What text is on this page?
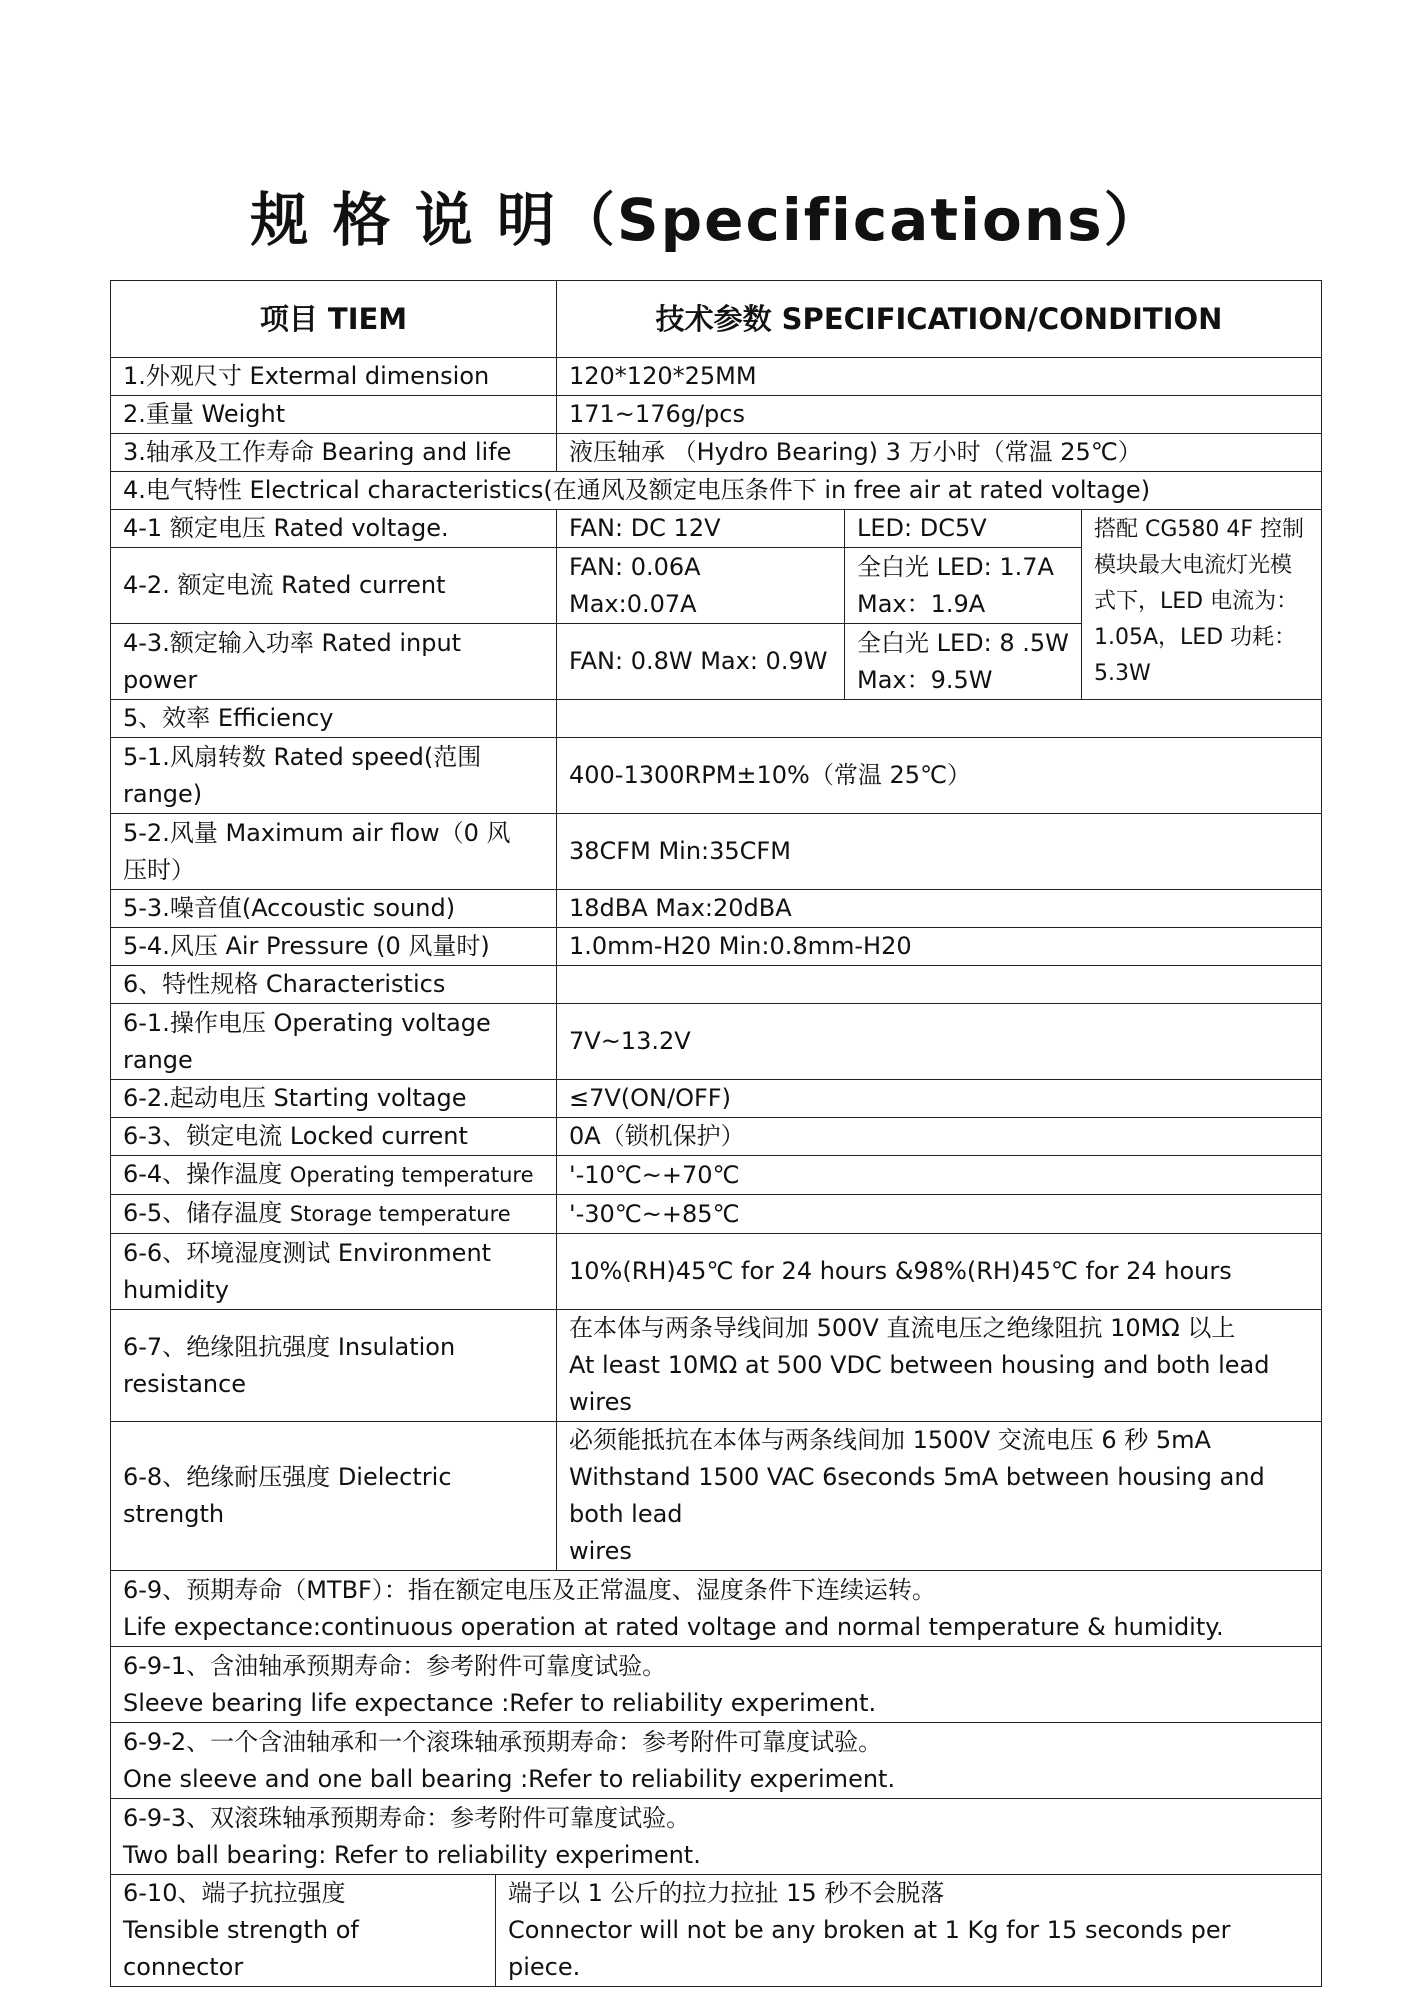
规 格 说 明（Specifications）
项目 TIEM		技术参数 SPECIFICATION/CONDITION		
1.外观尺寸 Extermal dimension		120*120*25MM		
2.重量 Weight		171~176g/pcs		
3.轴承及工作寿命 Bearing and life		液压轴承 （Hydro Bearing) 3 万小时（常温 25℃）		
4.电气特性 Electrical characteristics(在通风及额定电压条件下 in free air at rated voltage)				
4-1 额定电压 Rated voltage.		FAN: DC 12V	LED: DC5V	搭配 CG580 4F 控制模块最大电流灯光模式下，LED 电流为：1.05A，LED 功耗：5.3W
4-2. 额定电流 Rated current		FAN: 0.06A Max:0.07A	全白光 LED: 1.7A
Max：1.9A	

4-3.额定输入功率 Rated input
power		FAN: 0.8W Max: 0.9W	全白光 LED: 8 .5W
Max：9.5W	

5、效率 Efficiency				

5-1.风扇转数 Rated speed(范围
range)		400-1300RPM±10%（常温 25℃）		

5-2.风量 Maximum air flow（0 风
压时）		38CFM Min:35CFM		
5-3.噪音值(Accoustic sound)		18dBA Max:20dBA		
5-4.风压 Air Pressure (0 风量时)		1.0mm-H20 Min:0.8mm-H20		
6、特性规格 Characteristics				

6-1.操作电压 Operating voltage
range		7V~13.2V		
6-2.起动电压 Starting voltage		≤7V(ON/OFF)		
6-3、锁定电流 Locked current		0A（锁机保护）		
6-4、操作温度 Operating temperature		'-10℃~+70℃		
6-5、储存温度 Storage temperature		'-30℃~+85℃		

6-6、环境湿度测试 Environment
humidity		10%(RH)45℃ for 24 hours &98%(RH)45℃ for 24 hours		

6-7、绝缘阻抗强度 Insulation
resistance		在本体与两条导线间加 500V 直流电压之绝缘阻抗 10MΩ 以上
At least 10MΩ at 500 VDC between housing and both lead wires		

6-8、绝缘耐压强度 Dielectric
strength		必须能抵抗在本体与两条线间加 1500V 交流电压 6 秒 5mA
Withstand 1500 VAC 6seconds 5mA between housing and both lead
wires		

6-9、预期寿命（MTBF）：指在额定电压及正常温度、湿度条件下连续运转。
Life expectance:continuous operation at rated voltage and normal temperature & humidity.				

6-9-1、含油轴承预期寿命：参考附件可靠度试验。
Sleeve bearing life expectance :Refer to reliability experiment.				

6-9-2、一个含油轴承和一个滚珠轴承预期寿命：参考附件可靠度试验。
One sleeve and one ball bearing :Refer to reliability experiment.				

6-9-3、双滚珠轴承预期寿命：参考附件可靠度试验。
Two ball bearing: Refer to reliability experiment.				

6-10、端子抗拉强度
Tensible strength of connector	端子以 1 公斤的拉力拉扯 15 秒不会脱落
Connector will not be any broken at 1 Kg for 15 seconds per piece.			
